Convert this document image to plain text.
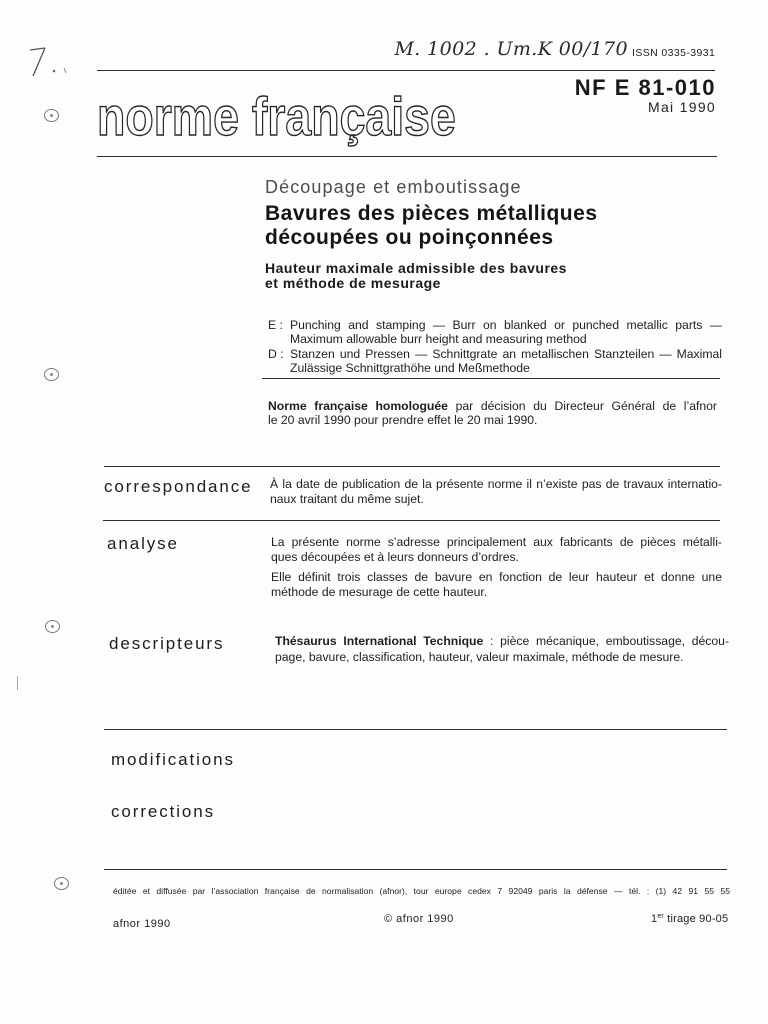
M. 1002 . Um.K 00/170 ISSN 0335-3931
NF E 81-010
Mai 1990
norme française
Découpage et emboutissage
Bavures des pièces métalliques
découpées ou poinçonnées
Hauteur maximale admissible des bavures
et méthode de mesurage
E : Punching and stamping — Burr on blanked or punched metallic parts —
Maximum allowable burr height and measuring method
D : Stanzen und Pressen — Schnittgrate an metallischen Stanzteilen — Maximal
Zulässige Schnittgrathöhe und Meßmethode
Norme française homologuée par décision du Directeur Général de l’afnor
le 20 avril 1990 pour prendre effet le 20 mai 1990.
correspondance À la date de publication de la présente norme il n’existe pas de travaux internatio-
naux traitant du même sujet.
analyse	La présente norme s’adresse principalement aux fabricants de pièces métalli-
ques découpées et à leurs donneurs d’ordres.
Elle définit trois classes de bavure en fonction de leur hauteur et donne une
méthode de mesurage de cette hauteur.
descripteurs	Thésaurus International Technique : pièce mécanique, emboutissage, décou-
page, bavure, classification, hauteur, valeur maximale, méthode de mesure.
modifications
corrections
éditée et diffusée par l’association française de normalisation (afnor), tour europe cedex 7 92049 paris la défense — tél. : (1) 42 91 55 55
afnor 1990	© afnor 1990	1er tirage 90-05
